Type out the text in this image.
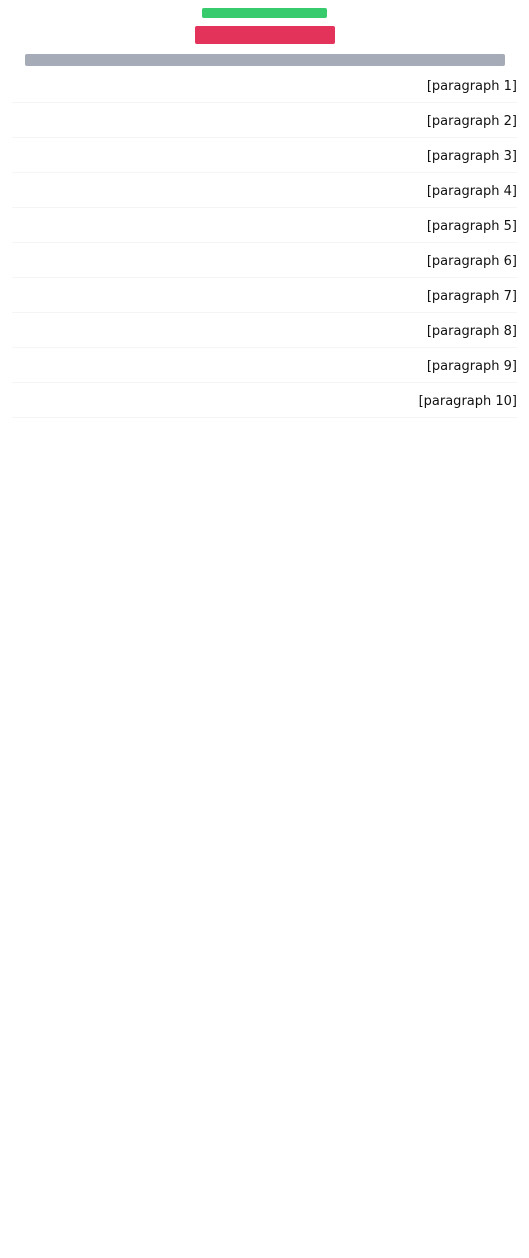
[paragraph 1]

[paragraph 2]

[paragraph 3]

[paragraph 4]

[paragraph 5]

[paragraph 6]

[paragraph 7]

[paragraph 8]

[paragraph 9]

[paragraph 10]
